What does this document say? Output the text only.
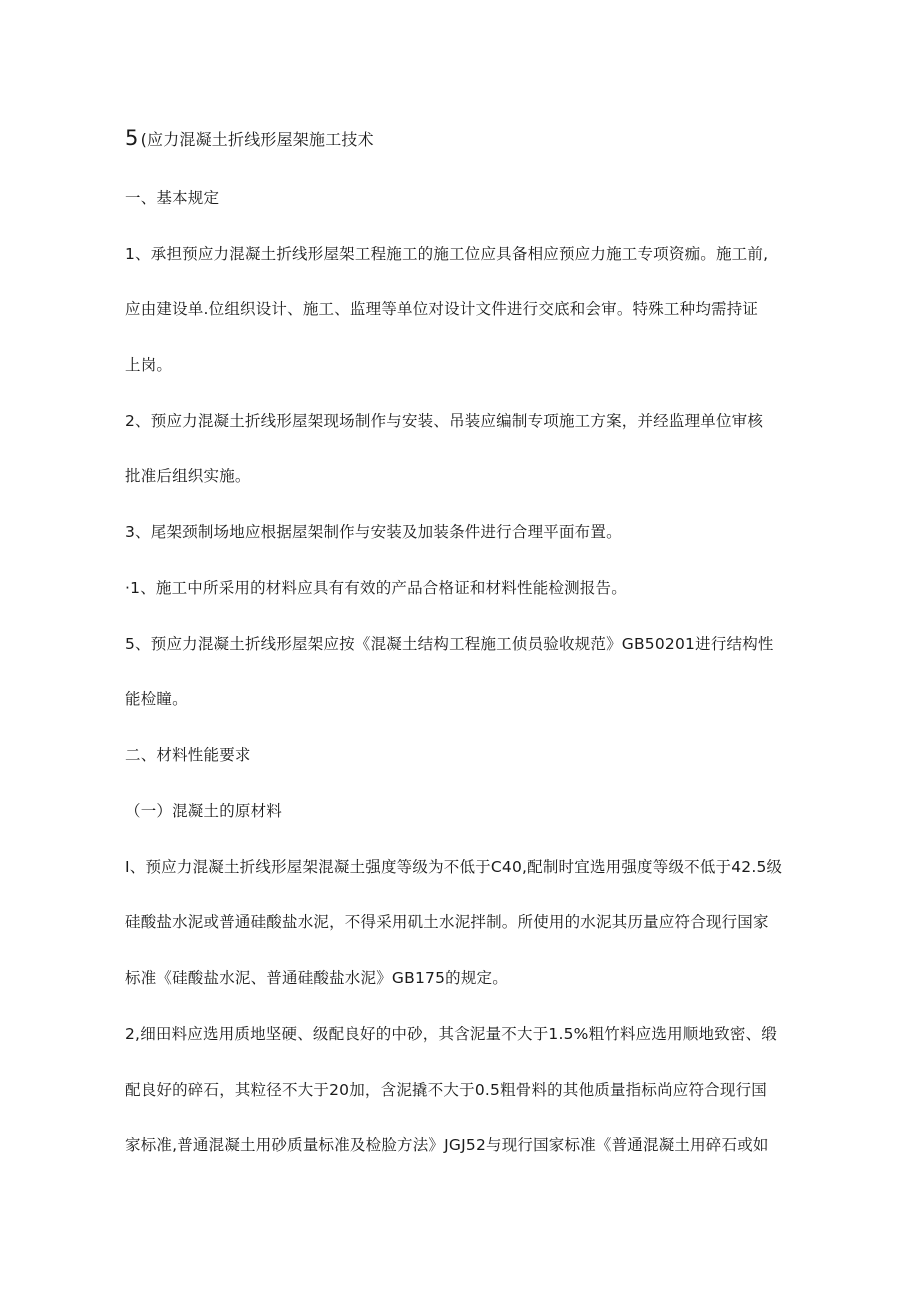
5 (应力混凝土折线形屋架施工技术
一、基本规定
1、承担预应力混凝土折线形屋架工程施工的施工位应具备相应预应力施工专项资痂。施工前,
应由建设单.位组织设计、施工、监理等单位对设计文件进行交底和会审。特殊工种均需持证
上岗。
2、预应力混凝土折线形屋架现场制作与安装、吊装应编制专项施工方案，并经监理单位审核
批准后组织实施。
3、尾架颈制场地应根据屋架制作与安装及加装条件进行合理平面布置。
·1、施工中所采用的材料应具有有效的产品合格证和材料性能检测报告。
5、预应力混凝土折线形屋架应按《混凝土结构工程施工侦员验收规范》GB50201进行结构性
能检瞳。
二、材料性能要求
（一）混凝土的原材料
I、预应力混凝土折线形屋架混凝土强度等级为不低于C40,配制时宜选用强度等级不低于42.5级
硅酸盐水泥或普通硅酸盐水泥，不得采用矶土水泥拌制。所使用的水泥其历量应符合现行国家
标准《硅酸盐水泥、普通硅酸盐水泥》GB175的规定。
2,细田料应选用质地坚硬、级配良好的中砂，其含泥量不大于1.5%粗竹料应选用顺地致密、缎
配良好的碎石，其粒径不大于20加，含泥撬不大于0.5粗骨料的其他质量指标尚应符合现行国
家标准,普通混凝土用砂质量标准及检脸方法》JGJ52与现行国家标准《普通混凝土用碎石或如
